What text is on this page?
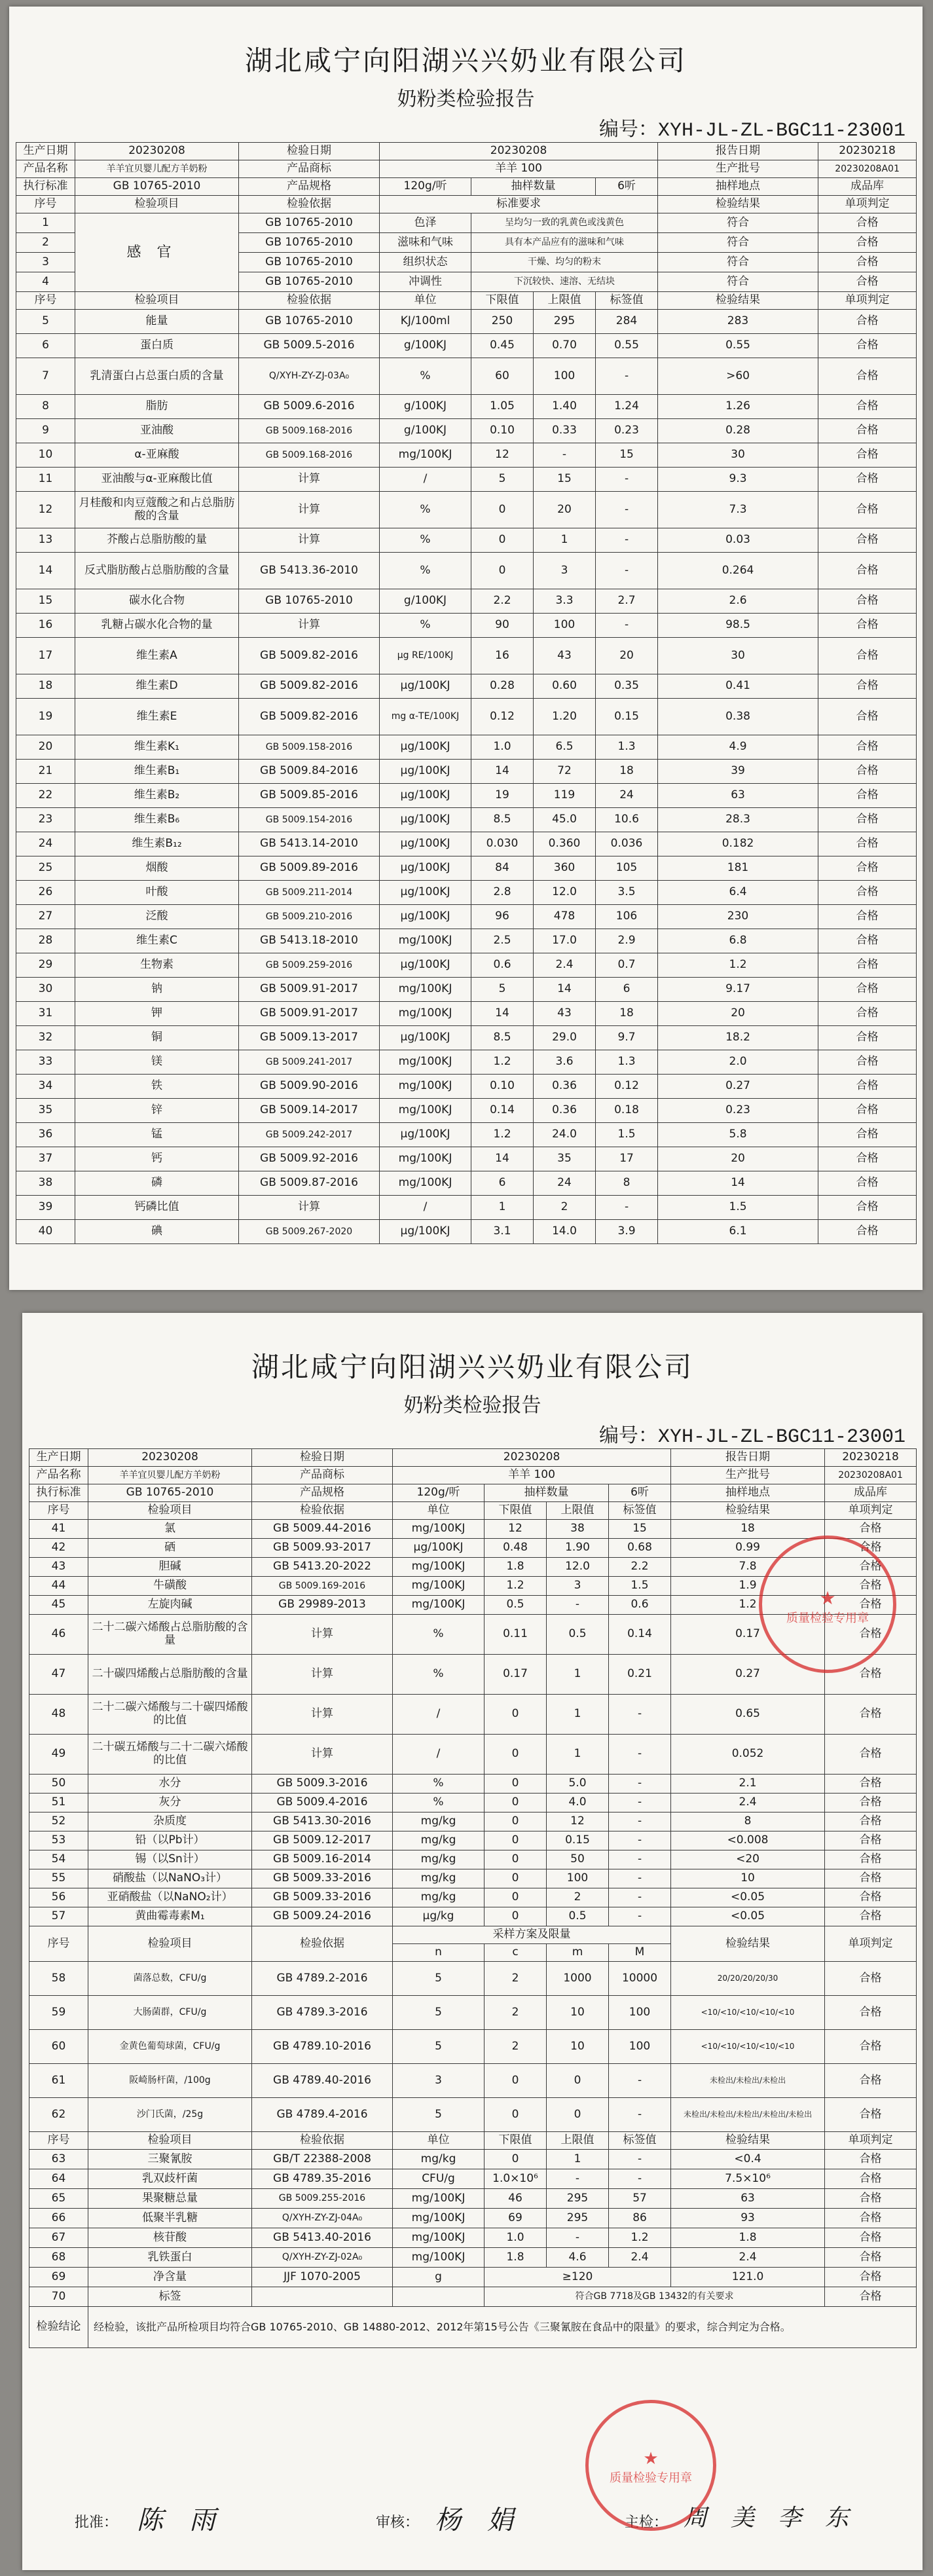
湖北咸宁向阳湖兴兴奶业有限公司
奶粉类检验报告
编号：XYH-JL-ZL-BGC11-23001
生产日期	20230208	检验日期	20230208				报告日期	20230218
产品名称	羊羊宜贝婴儿配方羊奶粉	产品商标	羊羊 100				生产批号	20230208A01
执行标准	GB 10765-2010	产品规格	120g/听	抽样数量		6听	抽样地点	成品库
序号	检验项目	检验依据	标准要求				检验结果	单项判定
1	感官	GB 10765-2010	色泽	呈均匀一致的乳黄色或浅黄色			符合	合格
2		GB 10765-2010	滋味和气味	具有本产品应有的滋味和气味			符合	合格
3		GB 10765-2010	组织状态	干燥、均匀的粉末			符合	合格
4		GB 10765-2010	冲调性	下沉较快、速溶、无结块			符合	合格
序号	检验项目	检验依据	单位	下限值	上限值	标签值	检验结果	单项判定
5	能量	GB 10765-2010	KJ/100ml	250	295	284	283	合格
6	蛋白质	GB 5009.5-2016	g/100KJ	0.45	0.70	0.55	0.55	合格
7	乳清蛋白占总蛋白质的含量	Q/XYH-ZY-ZJ-03A₀	%	60	100	-	>60	合格
8	脂肪	GB 5009.6-2016	g/100KJ	1.05	1.40	1.24	1.26	合格
9	亚油酸	GB 5009.168-2016	g/100KJ	0.10	0.33	0.23	0.28	合格
10	α-亚麻酸	GB 5009.168-2016	mg/100KJ	12	-	15	30	合格
11	亚油酸与α-亚麻酸比值	计算	/	5	15	-	9.3	合格
12	月桂酸和肉豆蔻酸之和占总脂肪酸的含量	计算	%	0	20	-	7.3	合格
13	芥酸占总脂肪酸的量	计算	%	0	1	-	0.03	合格
14	反式脂肪酸占总脂肪酸的含量	GB 5413.36-2010	%	0	3	-	0.264	合格
15	碳水化合物	GB 10765-2010	g/100KJ	2.2	3.3	2.7	2.6	合格
16	乳糖占碳水化合物的量	计算	%	90	100	-	98.5	合格
17	维生素A	GB 5009.82-2016	μg RE/100KJ	16	43	20	30	合格
18	维生素D	GB 5009.82-2016	μg/100KJ	0.28	0.60	0.35	0.41	合格
19	维生素E	GB 5009.82-2016	mg α-TE/100KJ	0.12	1.20	0.15	0.38	合格
20	维生素K₁	GB 5009.158-2016	μg/100KJ	1.0	6.5	1.3	4.9	合格
21	维生素B₁	GB 5009.84-2016	μg/100KJ	14	72	18	39	合格
22	维生素B₂	GB 5009.85-2016	μg/100KJ	19	119	24	63	合格
23	维生素B₆	GB 5009.154-2016	μg/100KJ	8.5	45.0	10.6	28.3	合格
24	维生素B₁₂	GB 5413.14-2010	μg/100KJ	0.030	0.360	0.036	0.182	合格
25	烟酸	GB 5009.89-2016	μg/100KJ	84	360	105	181	合格
26	叶酸	GB 5009.211-2014	μg/100KJ	2.8	12.0	3.5	6.4	合格
27	泛酸	GB 5009.210-2016	μg/100KJ	96	478	106	230	合格
28	维生素C	GB 5413.18-2010	mg/100KJ	2.5	17.0	2.9	6.8	合格
29	生物素	GB 5009.259-2016	μg/100KJ	0.6	2.4	0.7	1.2	合格
30	钠	GB 5009.91-2017	mg/100KJ	5	14	6	9.17	合格
31	钾	GB 5009.91-2017	mg/100KJ	14	43	18	20	合格
32	铜	GB 5009.13-2017	μg/100KJ	8.5	29.0	9.7	18.2	合格
33	镁	GB 5009.241-2017	mg/100KJ	1.2	3.6	1.3	2.0	合格
34	铁	GB 5009.90-2016	mg/100KJ	0.10	0.36	0.12	0.27	合格
35	锌	GB 5009.14-2017	mg/100KJ	0.14	0.36	0.18	0.23	合格
36	锰	GB 5009.242-2017	μg/100KJ	1.2	24.0	1.5	5.8	合格
37	钙	GB 5009.92-2016	mg/100KJ	14	35	17	20	合格
38	磷	GB 5009.87-2016	mg/100KJ	6	24	8	14	合格
39	钙磷比值	计算	/	1	2	-	1.5	合格
40	碘	GB 5009.267-2020	μg/100KJ	3.1	14.0	3.9	6.1	合格
湖北咸宁向阳湖兴兴奶业有限公司
奶粉类检验报告
编号：XYH-JL-ZL-BGC11-23001
生产日期	20230208	检验日期	20230208				报告日期	20230218
产品名称	羊羊宜贝婴儿配方羊奶粉	产品商标	羊羊 100				生产批号	20230208A01
执行标准	GB 10765-2010	产品规格	120g/听	抽样数量		6听	抽样地点	成品库
序号	检验项目	检验依据	单位	下限值	上限值	标签值	检验结果	单项判定
41	氯	GB 5009.44-2016	mg/100KJ	12	38	15	18	合格
42	硒	GB 5009.93-2017	μg/100KJ	0.48	1.90	0.68	0.99	合格
43	胆碱	GB 5413.20-2022	mg/100KJ	1.8	12.0	2.2	7.8	合格
44	牛磺酸	GB 5009.169-2016	mg/100KJ	1.2	3	1.5	1.9	合格
45	左旋肉碱	GB 29989-2013	mg/100KJ	0.5	-	0.6	1.2	合格
46	二十二碳六烯酸占总脂肪酸的含量	计算	%	0.11	0.5	0.14	0.17	合格
47	二十碳四烯酸占总脂肪酸的含量	计算	%	0.17	1	0.21	0.27	合格
48	二十二碳六烯酸与二十碳四烯酸的比值	计算	/	0	1	-	0.65	合格
49	二十碳五烯酸与二十二碳六烯酸的比值	计算	/	0	1	-	0.052	合格
50	水分	GB 5009.3-2016	%	0	5.0	-	2.1	合格
51	灰分	GB 5009.4-2016	%	0	4.0	-	2.4	合格
52	杂质度	GB 5413.30-2016	mg/kg	0	12	-	8	合格
53	铅（以Pb计）	GB 5009.12-2017	mg/kg	0	0.15	-	<0.008	合格
54	锡（以Sn计）	GB 5009.16-2014	mg/kg	0	50	-	<20	合格
55	硝酸盐（以NaNO₃计）	GB 5009.33-2016	mg/kg	0	100	-	10	合格
56	亚硝酸盐（以NaNO₂计）	GB 5009.33-2016	mg/kg	0	2	-	<0.05	合格
57	黄曲霉毒素M₁	GB 5009.24-2016	μg/kg	0	0.5	-	<0.05	合格
序号	检验项目	检验依据	采样方案及限量				检验结果	单项判定
			n	c	m	M		
58	菌落总数，CFU/g	GB 4789.2-2016	5	2	1000	10000	20/20/20/20/30	合格
59	大肠菌群，CFU/g	GB 4789.3-2016	5	2	10	100	<10/<10/<10/<10/<10	合格
60	金黄色葡萄球菌，CFU/g	GB 4789.10-2016	5	2	10	100	<10/<10/<10/<10/<10	合格
61	阪崎肠杆菌，/100g	GB 4789.40-2016	3	0	0	-	未检出/未检出/未检出	合格
62	沙门氏菌，/25g	GB 4789.4-2016	5	0	0	-	未检出/未检出/未检出/未检出/未检出	合格
序号	检验项目	检验依据	单位	下限值	上限值	标签值	检验结果	单项判定
63	三聚氰胺	GB/T 22388-2008	mg/kg	0	1	-	<0.4	合格
64	乳双歧杆菌	GB 4789.35-2016	CFU/g	1.0×10⁶	-	-	7.5×10⁶	合格
65	果聚糖总量	GB 5009.255-2016	mg/100KJ	46	295	57	63	合格
66	低聚半乳糖	Q/XYH-ZY-ZJ-04A₀	mg/100KJ	69	295	86	93	合格
67	核苷酸	GB 5413.40-2016	mg/100KJ	1.0	-	1.2	1.8	合格
68	乳铁蛋白	Q/XYH-ZY-ZJ-02A₀	mg/100KJ	1.8	4.6	2.4	2.4	合格
69	净含量	JJF 1070-2005	g	≥120			121.0	合格
70	标签			符合GB 7718及GB 13432的有关要求				合格
检验结论	经检验，该批产品所检项目均符合GB 10765-2010、GB 14880-2012、2012年第15号公告《三聚氰胺在食品中的限量》的要求，综合判定为合格。							
批准： 陈　雨	审核： 杨　娟	主检： 周　美　李　东
★
质量检验专用章
★
质量检验专用章
